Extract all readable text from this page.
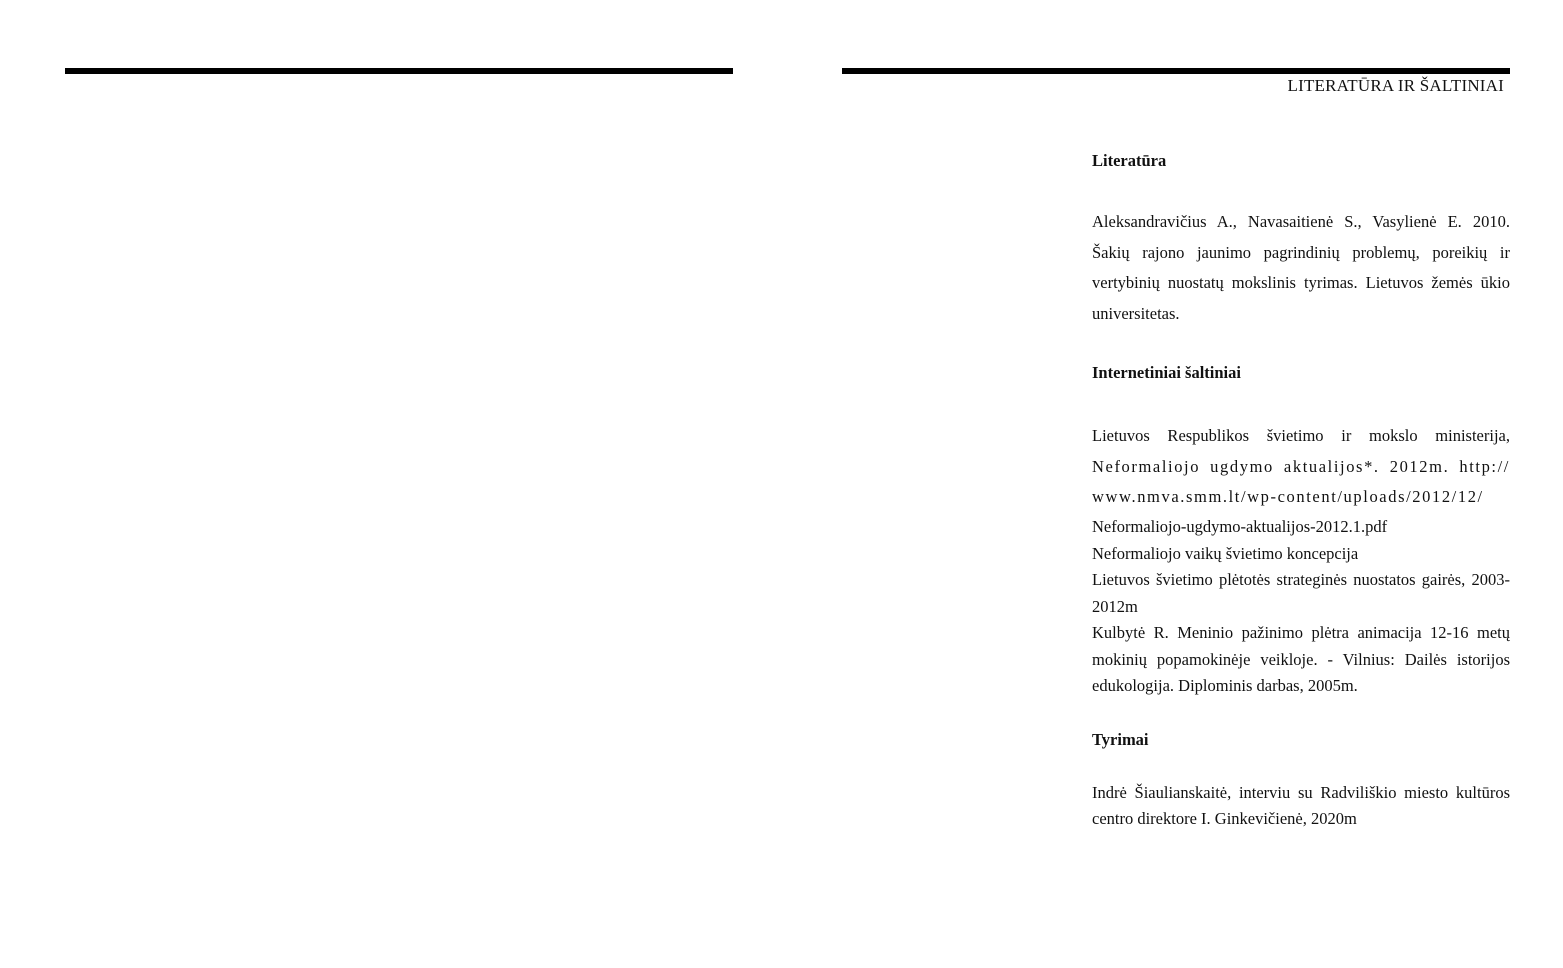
LITERATŪRA IR ŠALTINIAI

Literatūra

Aleksandravičius A., Navasaitienė S., Vasylienė E. 2010. Šakių rajono jaunimo pagrindinių problemų, poreikių ir vertybinių nuostatų mokslinis tyrimas. Lietuvos žemės ūkio universitetas.

Internetiniai šaltiniai

Lietuvos Respublikos švietimo ir mokslo ministerija,

Neformaliojo ugdymo aktualijos*. 2012m. http://

www.nmva.smm.lt/wp-content/uploads/2012/12/

Neformaliojo-ugdymo-aktualijos-2012.1.pdf

Neformaliojo vaikų švietimo koncepcija

Lietuvos švietimo plėtotės strateginės nuostatos gairės, 2003-2012m

Kulbytė R. Meninio pažinimo plėtra animacija 12-16 metų mokinių popamokinėje veikloje. - Vilnius: Dailės istorijos edukologija. Diplominis darbas, 2005m.

Tyrimai

Indrė Šiaulianskaitė, interviu su Radviliškio miesto kultūros centro direktore I. Ginkevičienė, 2020m
